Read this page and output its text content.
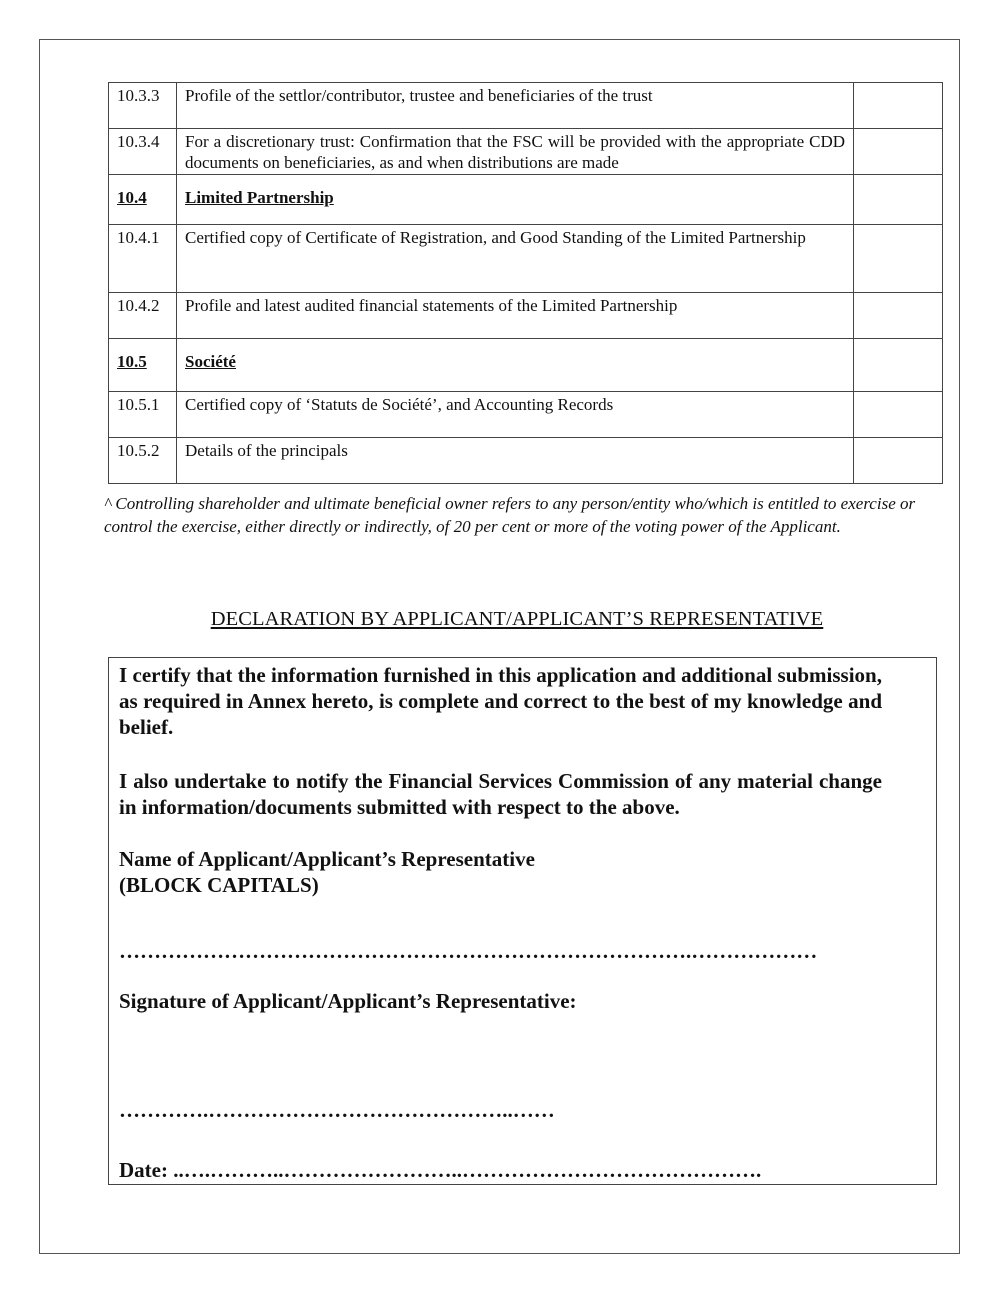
10.3.3	Profile of the settlor/contributor, trustee and beneficiaries of the trust	
10.3.4	For a discretionary trust: Confirmation that the FSC will be provided with the appropriate CDD documents on beneficiaries, as and when distributions are made	
10.4	Limited Partnership	
10.4.1	Certified copy of Certificate of Registration, and Good Standing of the Limited Partnership	
10.4.2	Profile and latest audited financial statements of the Limited Partnership	
10.5	Société	
10.5.1	Certified copy of ‘Statuts de Société’, and Accounting Records	
10.5.2	Details of the principals	
^ Controlling shareholder and ultimate beneficial owner refers to any person/entity who/which is entitled to exercise or control the exercise, either directly or indirectly, of 20 per cent or more of the voting power of the Applicant.
DECLARATION BY APPLICANT/APPLICANT’S REPRESENTATIVE

I certify that the information furnished in this application and additional submission, as required in Annex hereto, is complete and correct to the best of my knowledge and belief.

I also undertake to notify the Financial Services Commission of any material change in information/documents submitted with respect to the above.

Name of Applicant/Applicant’s Representative
(BLOCK CAPITALS)
……………………………………………………………………….………………
Signature of Applicant/Applicant’s Representative:
………….……………………………………..……
Date: ..….………..……………………..…………………………………….
